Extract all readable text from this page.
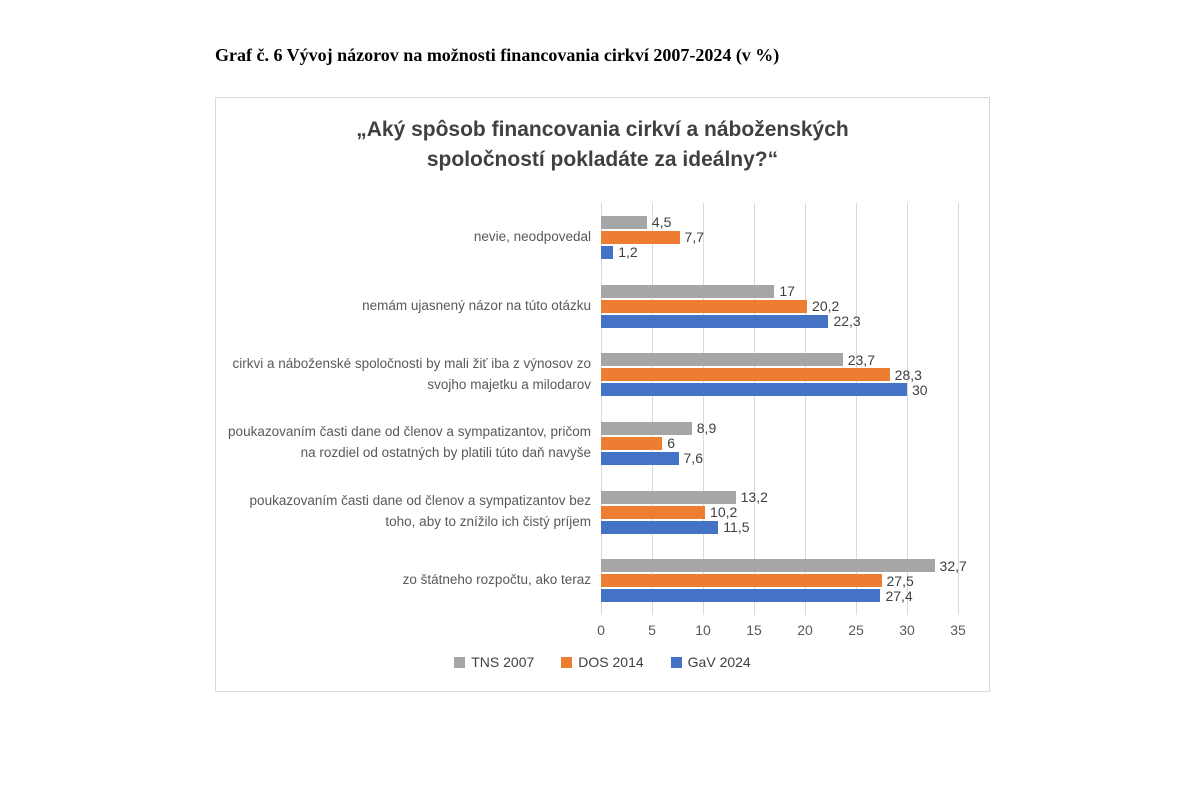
Graf č. 6 Vývoj názorov na možnosti financovania cirkví 2007-2024 (v %)
„Aký spôsob financovania cirkví a náboženských
spoločností pokladáte za ideálny?“
nevie, neodpovedal
nemám ujasnený názor na túto otázku
cirkvi a náboženské spoločnosti by mali žiť iba z výnosov zo svojho majetku a milodarov
poukazovaním časti dane od členov a sympatizantov, pričom na rozdiel od ostatných by platili túto daň navyše
poukazovaním časti dane od členov a sympatizantov bez toho, aby to znížilo ich čistý príjem
zo štátneho rozpočtu, ako teraz
4,5
7,7
1,2
17
20,2
22,3
23,7
28,3
30
8,9
6
7,6
13,2
10,2
11,5
32,7
27,5
27,4
0	5	10	15	20	25	30	35
TNS 2007	DOS 2014	GaV 2024
